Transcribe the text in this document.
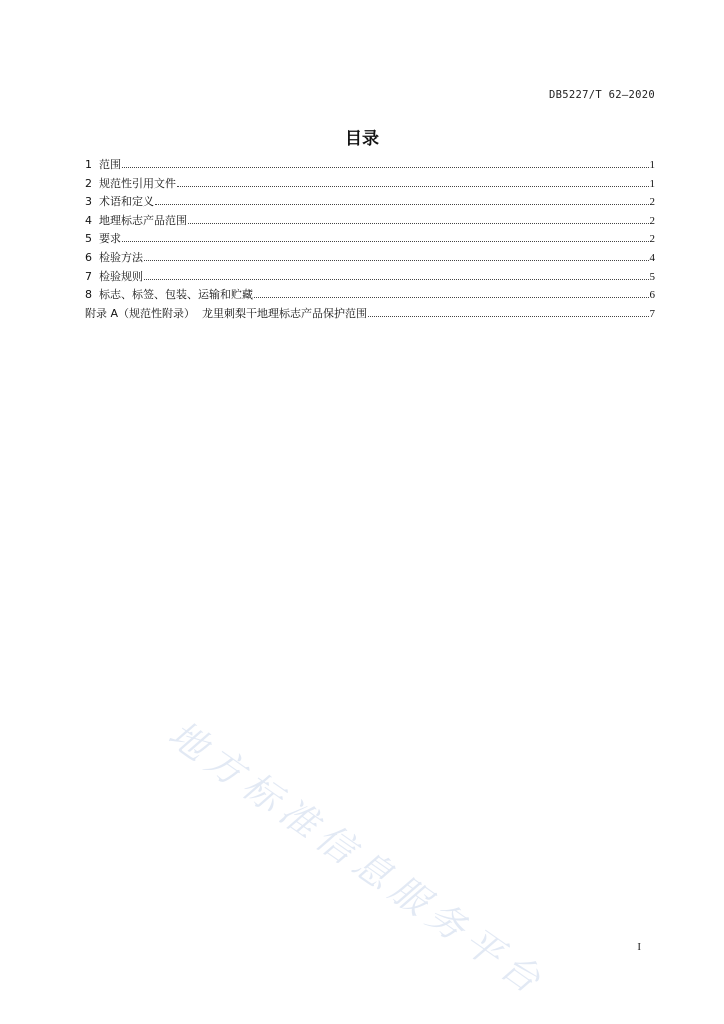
DB5227/T 62—2020
目录
1  范围	1
2  规范性引用文件	1
3  术语和定义	2
4  地理标志产品范围	2
5  要求	2
6  检验方法	4
7  检验规则	5
8  标志、标签、包装、运输和贮藏	6
附录 A（规范性附录）  龙里刺梨干地理标志产品保护范围	7
地方标准信息服务平台	I
